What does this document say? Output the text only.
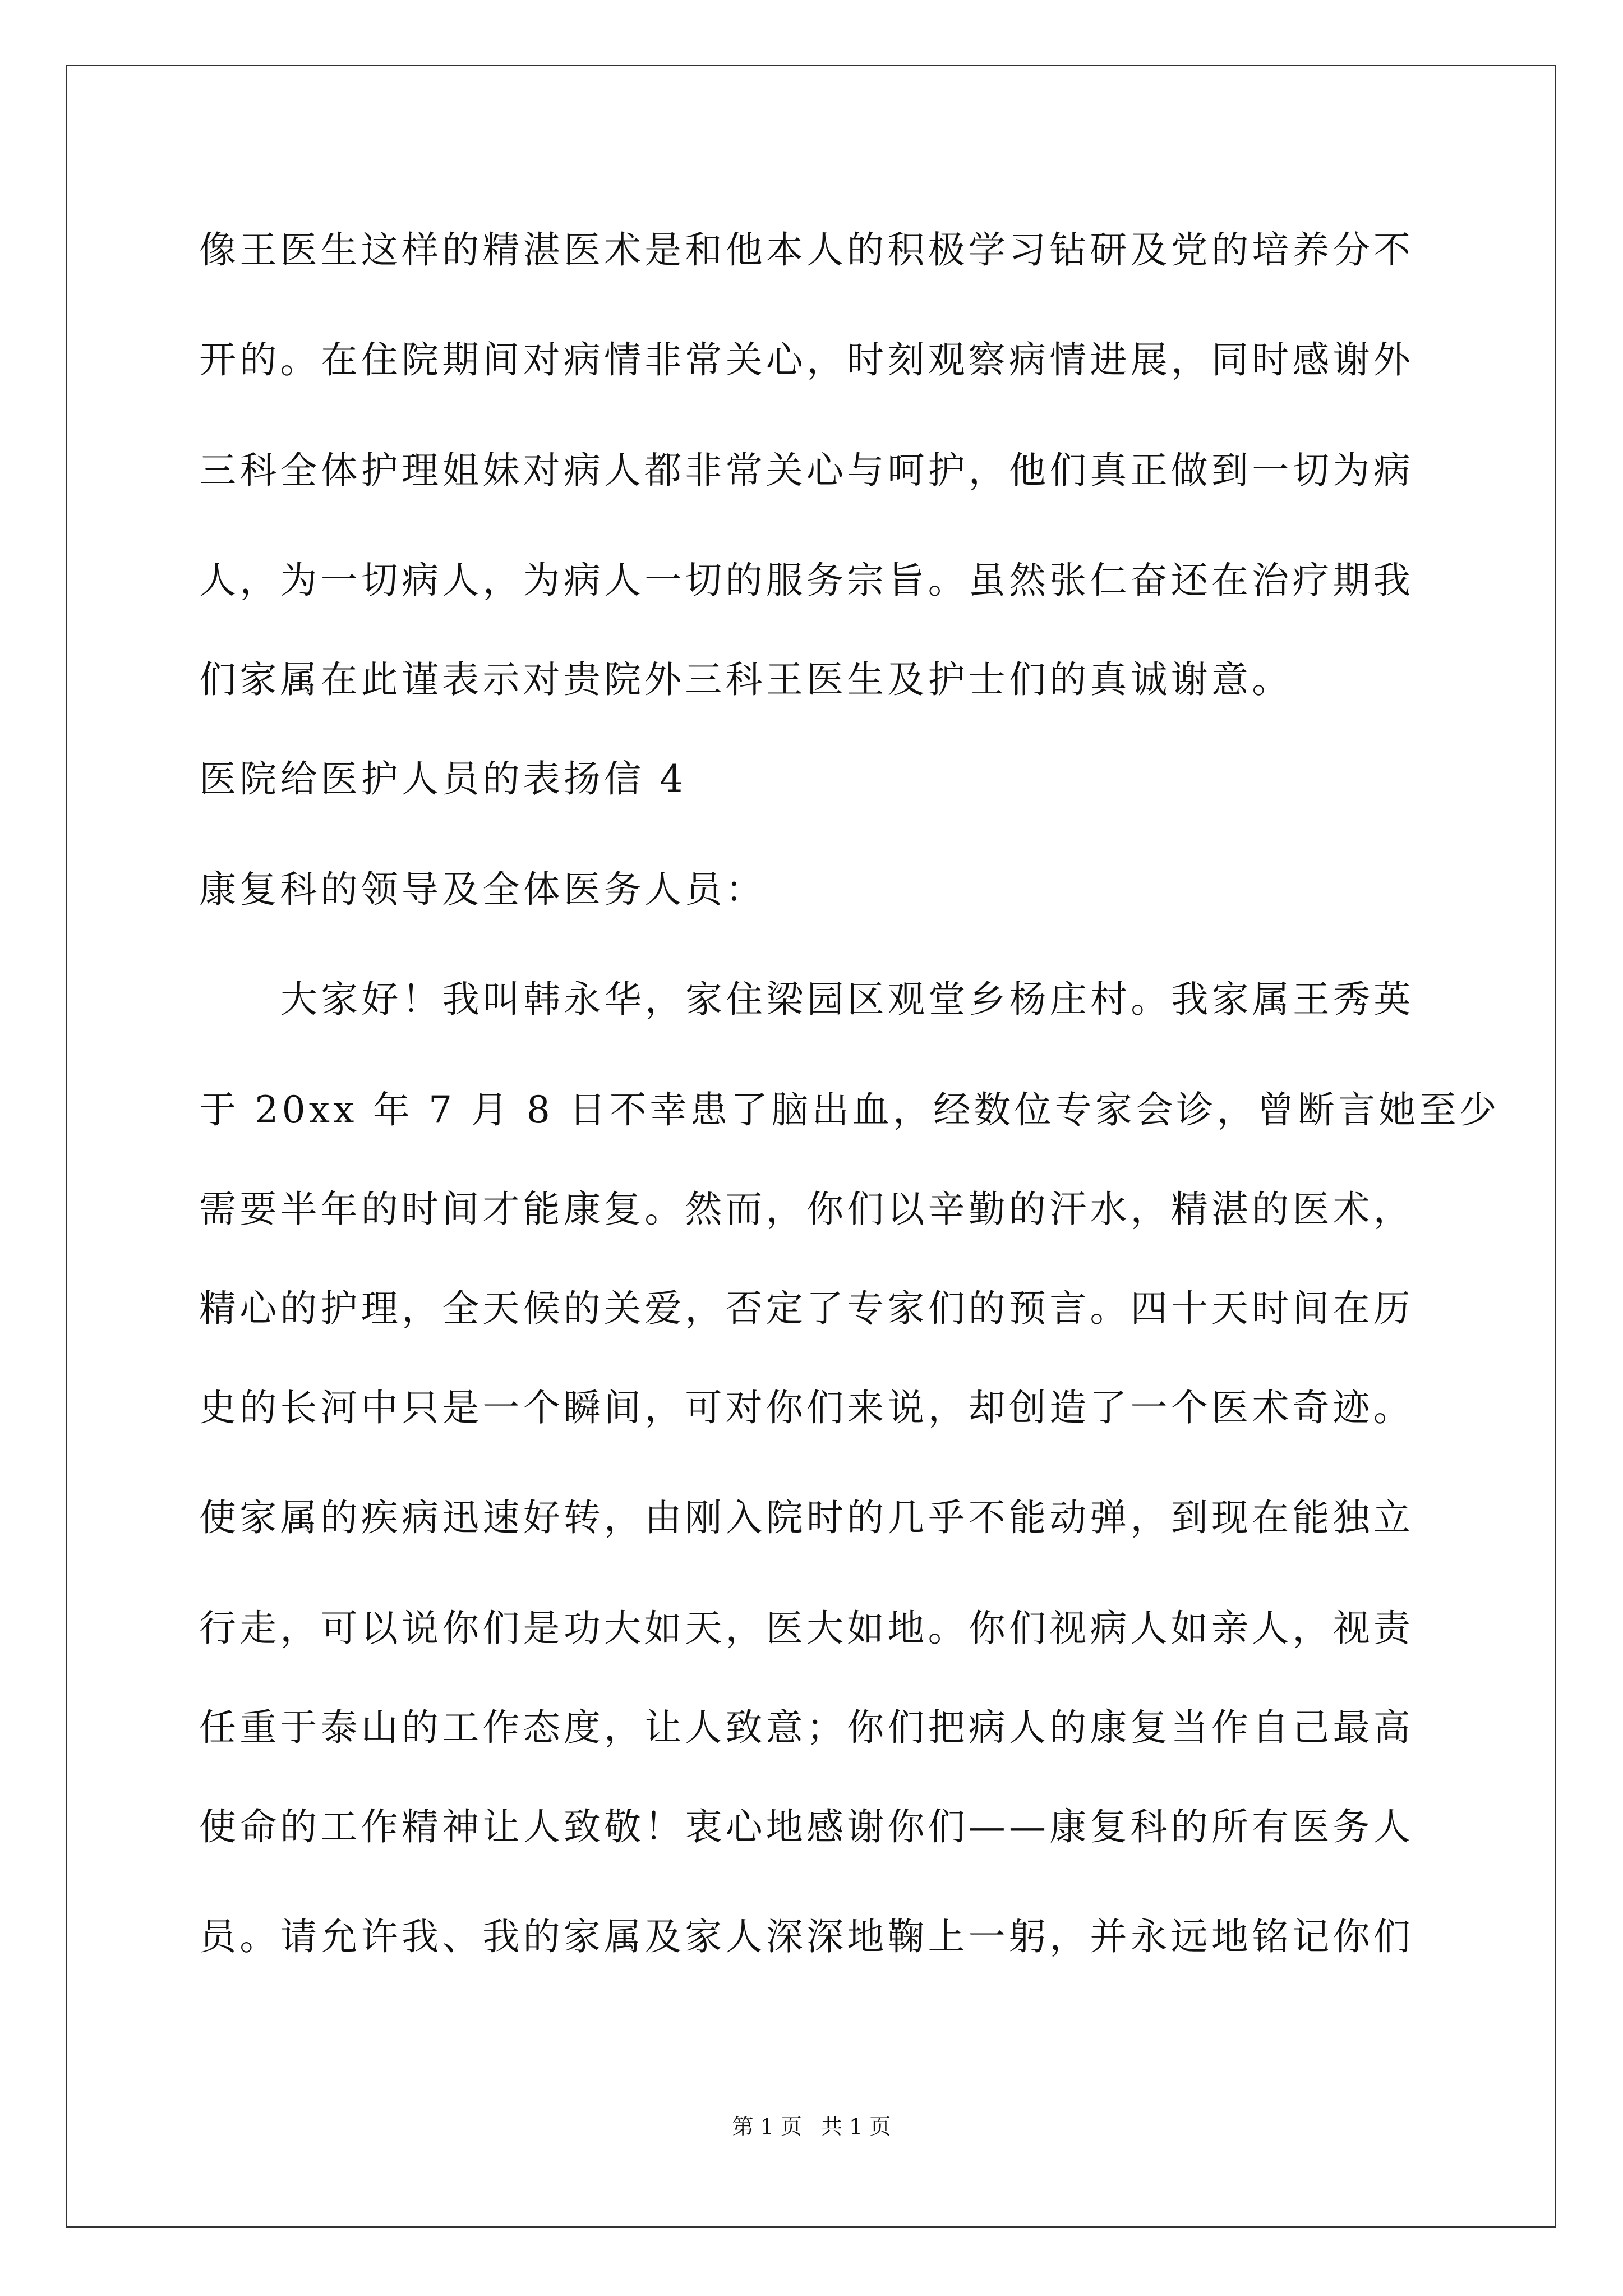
像王医生这样的精湛医术是和他本人的积极学习钻研及党的培养分不
开的。在住院期间对病情非常关心，时刻观察病情进展，同时感谢外
三科全体护理姐妹对病人都非常关心与呵护，他们真正做到一切为病
人，为一切病人，为病人一切的服务宗旨。虽然张仁奋还在治疗期我
们家属在此谨表示对贵院外三科王医生及护士们的真诚谢意。
医院给医护人员的表扬信 4
康复科的领导及全体医务人员：
大家好！我叫韩永华，家住梁园区观堂乡杨庄村。我家属王秀英
于 20xx 年 7 月 8 日不幸患了脑出血，经数位专家会诊，曾断言她至少
需要半年的时间才能康复。然而，你们以辛勤的汗水，精湛的医术，
精心的护理，全天候的关爱，否定了专家们的预言。四十天时间在历
史的长河中只是一个瞬间，可对你们来说，却创造了一个医术奇迹。
使家属的疾病迅速好转，由刚入院时的几乎不能动弹，到现在能独立
行走，可以说你们是功大如天，医大如地。你们视病人如亲人，视责
任重于泰山的工作态度，让人致意；你们把病人的康复当作自己最高
使命的工作精神让人致敬！衷心地感谢你们——康复科的所有医务人
员。请允许我、我的家属及家人深深地鞠上一躬，并永远地铭记你们
第 1 页 共 1 页
